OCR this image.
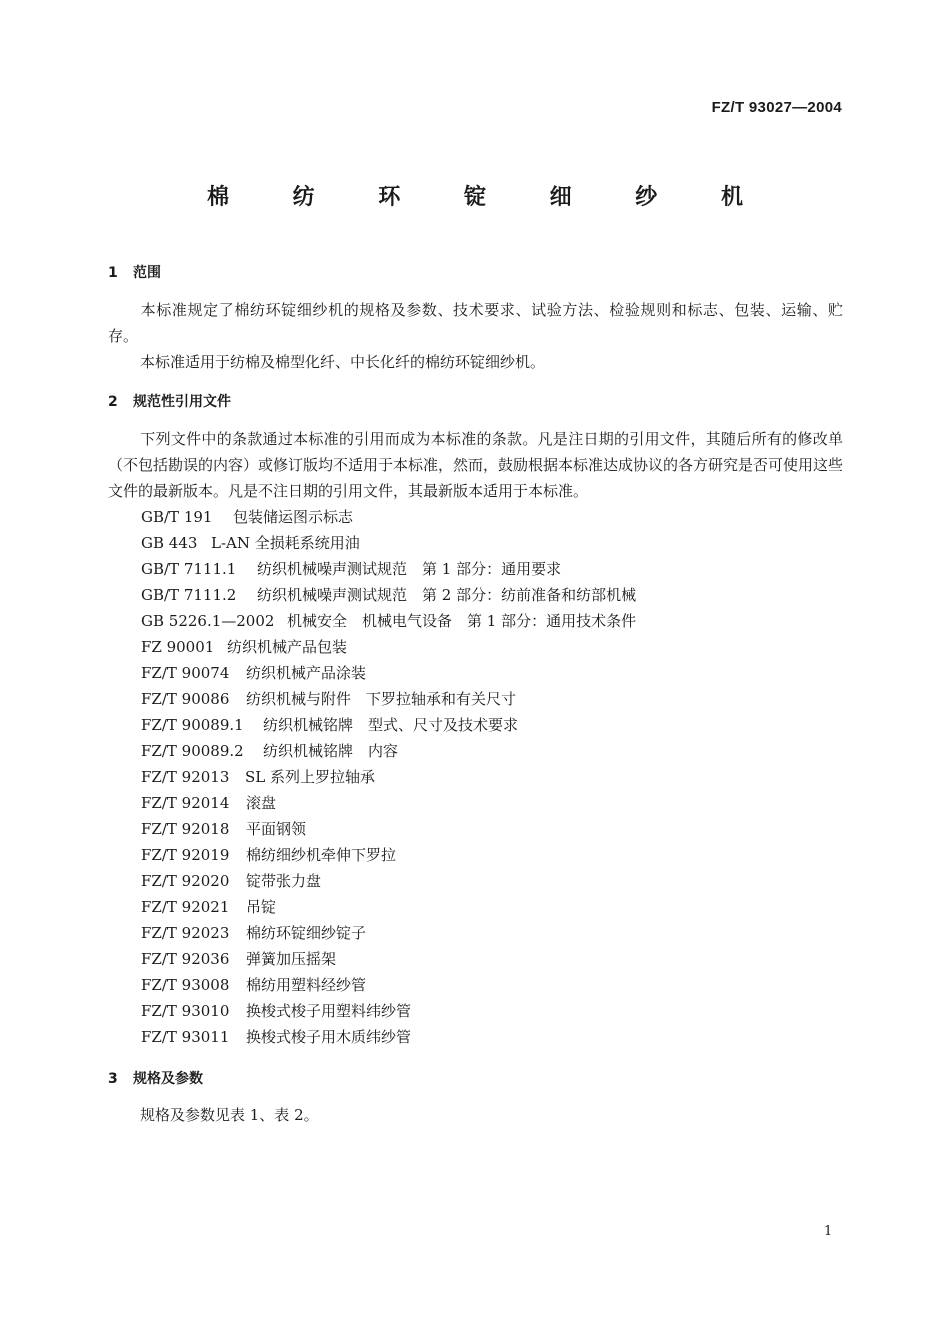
FZ/T 93027—2004
棉 纺 环 锭 细 纱 机
1 范围
本标准规定了棉纺环锭细纱机的规格及参数、技术要求、试验方法、检验规则和标志、包装、运输、贮存。
本标准适用于纺棉及棉型化纤、中长化纤的棉纺环锭细纱机。
2 规范性引用文件
下列文件中的条款通过本标准的引用而成为本标准的条款。凡是注日期的引用文件，其随后所有的修改单（不包括勘误的内容）或修订版均不适用于本标准，然而，鼓励根据本标准达成协议的各方研究是否可使用这些文件的最新版本。凡是不注日期的引用文件，其最新版本适用于本标准。
GB/T 191 包装储运图示标志
GB 443 L-AN 全损耗系统用油
GB/T 7111.1 纺织机械噪声测试规范　第 1 部分：通用要求
GB/T 7111.2 纺织机械噪声测试规范　第 2 部分：纺前准备和纺部机械
GB 5226.1—2002 机械安全　机械电气设备　第 1 部分：通用技术条件
FZ 90001 纺织机械产品包装
FZ/T 90074 纺织机械产品涂装
FZ/T 90086 纺织机械与附件　下罗拉轴承和有关尺寸
FZ/T 90089.1 纺织机械铭牌　型式、尺寸及技术要求
FZ/T 90089.2 纺织机械铭牌　内容
FZ/T 92013 SL 系列上罗拉轴承
FZ/T 92014 滚盘
FZ/T 92018 平面钢领
FZ/T 92019 棉纺细纱机牵伸下罗拉
FZ/T 92020 锭带张力盘
FZ/T 92021 吊锭
FZ/T 92023 棉纺环锭细纱锭子
FZ/T 92036 弹簧加压摇架
FZ/T 93008 棉纺用塑料经纱管
FZ/T 93010 换梭式梭子用塑料纬纱管
FZ/T 93011 换梭式梭子用木质纬纱管
3 规格及参数
规格及参数见表 1、表 2。
1
